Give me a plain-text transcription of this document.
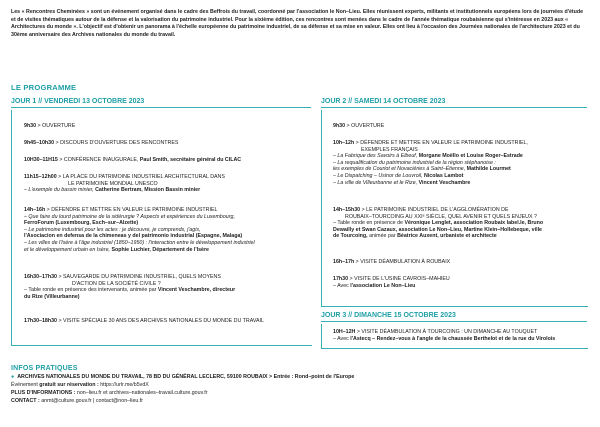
Les « Rencontres Cheminées » sont un événement organisé dans le cadre des Beffrois du travail, coordonné par l'association le Non–Lieu. Elles réunissent experts, militants et institutionnels européens lors de journées d'étude et de visites thématiques autour de la défense et la valorisation du patrimoine industriel. Pour la sixième édition, ces rencontres sont menées dans le cadre de l'année thématique roubaisienne qui s'intéresse en 2023 aux « Architectures du monde ». L'objectif est d'obtenir un panorama à l'échelle européenne du patrimoine industriel, de sa défense et sa mise en valeur. Elles ont lieu à l'occasion des Journées nationales de l'architecture 2023 et du 30ème anniversaire des Archives nationales du monde du travail.
LE PROGRAMME
JOUR 1 // VENDREDI 13 OCTOBRE 2023
9h30 > OUVERTURE
9h45–10h30 > DISCOURS D'OUVERTURE DES RENCONTRES
10H30–11H15 > CONFÉRENCE INAUGURALE, Paul Smith, secrétaire général du CILAC
11h15–12h00 > LA PLACE DU PATRIMOINE INDUSTRIEL ARCHITECTURAL DANS
LE PATRIMOINE MONDIAL UNESCO
– L'exemple du bassin minier, Catherine Bertram, Mission Bassin minier
14h–16h > DÉFENDRE ET METTRE EN VALEUR LE PATRIMOINE INDUSTRIEL
– Que faire du lourd patrimoine de la sidérurgie ? Aspects et expériences du Luxembourg,
FerroForum (Luxembourg, Esch–sur–Alzette)
– Le patrimoine industriel pour les actes : je découvre, je comprends, j'agis,
l'Asociacion en defensa de la chimeneas y del patrimonio industrial (Espagne, Malaga)
– Les villes de l'Isère à l'âge industriel (1850–1950) : l'interaction entre le développement industriel
et le développement urbain en Isère, Sophie Luchier, Département de l'Isère
16h30–17h30 > SAUVEGARDE DU PATRIMOINE INDUSTRIEL, QUELS MOYENS
D'ACTION DE LA SOCIÉTÉ CIVILE ?
– Table ronde en présence des intervenants, animée par Vincent Veschambre, directeur
du Rize (Villeurbanne)
17h30–18h30 > VISITE SPÉCIALE 30 ANS DES ARCHIVES NATIONALES DU MONDE DU TRAVAIL
JOUR 2 // SAMEDI 14 OCTOBRE 2023
9h30 > OUVERTURE
10h–12h > DÉFENDRE ET METTRE EN VALEUR LE PATRIMOINE INDUSTRIEL,
EXEMPLES FRANÇAIS
– La Fabrique des Savoirs à Elbeuf, Morgane Moëllo et Louise Roger–Estrade
– La requalification du patrimoine industriel de la région stéphanoise :
les exemples de Couriot et Novaciéries à Saint–Étienne, Mathilde Lourmet
– Le Dispatching – Usinor de Louvroil, Nicolas Lambot
– La ville de Villeurbanne et le Rize, Vincent Veschambre
14h–15h30 > LE PATRIMOINE INDUSTRIEL DE L'AGGLOMÉRATION DE
ROUBAIX–TOURCOING AU XXIᵉ SIÈCLE, QUEL AVENIR ET QUELS ENJEUX ?
– Table ronde en présence de Véronique Lenglet, association Roubaix label.le, Bruno
Dewailly et Swan Cazaux, association Le Non–Lieu, Martine Klein–Hollebeque, ville
de Tourcoing, animée par Béatrice Auxent, urbaniste et architecte
16h–17h > VISITE DÉAMBULATION À ROUBAIX
17h30 > VISITE DE L'USINE CAVROIS–MAHIEU
– Avec l'association Le Non–Lieu
JOUR 3 // DIMANCHE 15 OCTOBRE 2023
10H–12H > VISITE DÉAMBULATION À TOURCOING : UN DIMANCHE AU TOUQUET
– Avec l'Astecq – Rendez–vous à l'angle de la chaussée Berthelot et de la rue du Virolois
INFOS PRATIQUES
● ARCHIVES NATIONALES DU MONDE DU TRAVAIL, 78 BD DU GÉNÉRAL LECLERC, 59100 ROUBAIX > Entrée : Rond–point de l'Europe
Événement gratuit sur réservation : https://urlr.me/b5vdX
PLUS D'INFORMATIONS : non–lieu.fr et archives–nationales–travail.culture.gouv.fr
CONTACT : anmt@culture.gouv.fr | contact@non–lieu.fr
